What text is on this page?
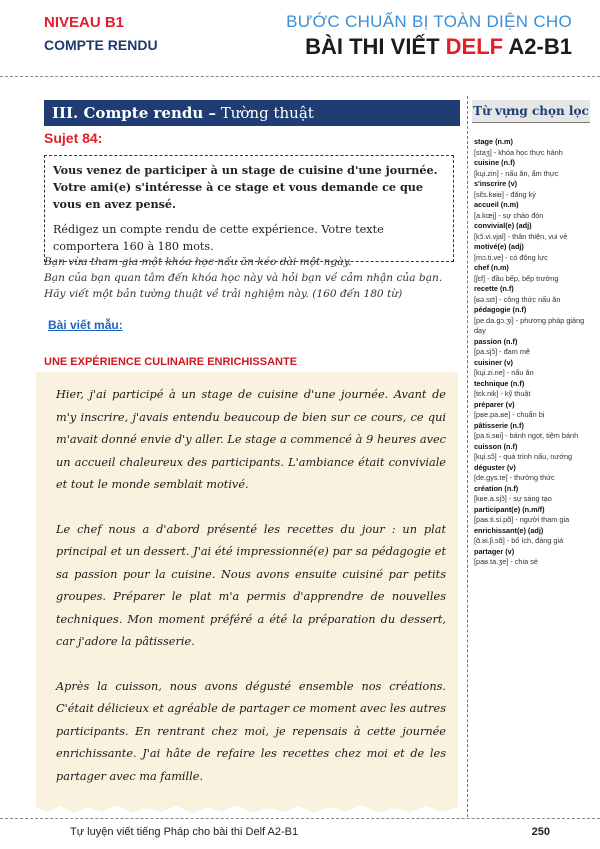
NIVEAU B1
COMPTE RENDU
BƯỚC CHUẨN BỊ TOÀN DIỆN CHO
BÀI THI VIẾT DELF A2-B1
III. Compte rendu – Tường thuật
Sujet 84:
Vous venez de participer à un stage de cuisine d'une journée. Votre ami(e) s'intéresse à ce stage et vous demande ce que vous en avez pensé.
Rédigez un compte rendu de cette expérience. Votre texte comportera 160 à 180 mots.
Bạn vừa tham gia một khóa học nấu ăn kéo dài một ngày.
Bạn của bạn quan tâm đến khóa học này và hỏi bạn về cảm nhận của bạn.
Hãy viết một bản tường thuật về trải nghiệm này. (160 đến 180 từ)
Bài viết mẫu:
UNE EXPÉRIENCE CULINAIRE ENRICHISSANTE

Hier, j'ai participé à un stage de cuisine d'une journée. Avant de m'y inscrire, j'avais entendu beaucoup de bien sur ce cours, ce qui m'avait donné envie d'y aller. Le stage a commencé à 9 heures avec un accueil chaleureux des participants. L'ambiance était conviviale et tout le monde semblait motivé.

Le chef nous a d'abord présenté les recettes du jour : un plat principal et un dessert. J'ai été impressionné(e) par sa pédagogie et sa passion pour la cuisine. Nous avons ensuite cuisiné par petits groupes. Préparer le plat m'a permis d'apprendre de nouvelles techniques. Mon moment préféré a été la préparation du dessert, car j'adore la pâtisserie.

Après la cuisson, nous avons dégusté ensemble nos créations. C'était délicieux et agréable de partager ce moment avec les autres participants. En rentrant chez moi, je repensais à cette journée enrichissante. J'ai hâte de refaire les recettes chez moi et de les partager avec ma famille.

Từ vựng chọn lọc
stage (n.m)
[staʒ] - khóa học thực hành
cuisine (n.f)
[kɥi.zin] - nấu ăn, ẩm thực
s'inscrire (v)
[sɛ̃s.kʁiʁ] - đăng ký
accueil (n.m)
[a.kœj] - sự chào đón
convivial(e) (adj)
[kɔ̃.vi.vjal] - thân thiện, vui vẻ
motivé(e) (adj)
[mɔ.ti.ve] - có động lực
chef (n.m)
[ʃɛf] - đầu bếp, bếp trưởng
recette (n.f)
[ʁə.sɛt] - công thức nấu ăn
pédagogie (n.f)
[pe.da.gɔ.ʒi] - phương pháp giảng dạy
passion (n.f)
[pa.sjɔ̃] - đam mê
cuisiner (v)
[kɥi.zi.ne] - nấu ăn
technique (n.f)
[tɛk.nik] - kỹ thuật
préparer (v)
[pʁe.pa.ʁe] - chuẩn bị
pâtisserie (n.f)
[pa.ti.sʁi] - bánh ngọt, tiệm bánh
cuisson (n.f)
[kɥi.sɔ̃] - quá trình nấu, nướng
déguster (v)
[de.gys.te] - thưởng thức
création (n.f)
[kʁe.a.sjɔ̃] - sự sáng tạo
participant(e) (n.m/f)
[paʁ.ti.si.pɑ̃] - người tham gia
enrichissant(e) (adj)
[ɑ̃.ʁi.ʃi.sɑ̃] - bổ ích, đáng giá
partager (v)
[paʁ.ta.ʒe] - chia sẻ
Tự luyện viết tiếng Pháp cho bài thi Delf A2-B1	250
